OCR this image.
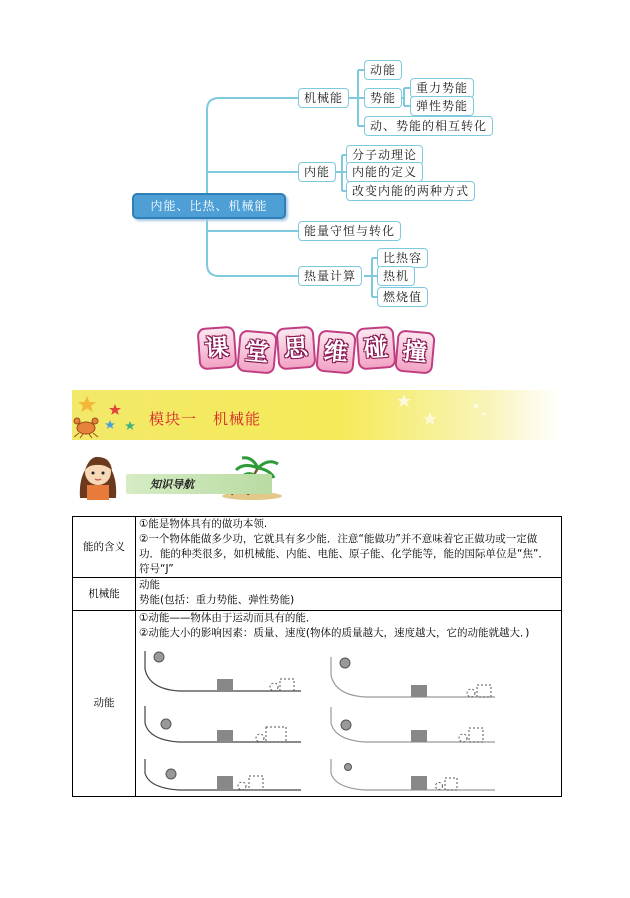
内能、比热、机械能
机械能
动能
势能
重力势能
弹性势能
动、势能的相互转化
内能
分子动理论
内能的定义
改变内能的两种方式
能量守恒与转化
热量计算
比热容
热机
燃烧值
课 堂 思 维 碰 撞
模块一　机械能
知识导航
能的含义	①能是物体具有的做功本领.
②一个物体能做多少功，它就具有多少能．注意“能做功”并不意味着它正做功或一定做功．能的种类很多，如机械能、内能、电能、原子能、化学能等，能的国际单位是“焦”．符号“J”

机械能	动能
势能(包括：重力势能、弹性势能)

动能	①动能——物体由于运动而具有的能．
②动能大小的影响因素：质量、速度(物体的质量越大，速度越大，它的动能就越大．)
